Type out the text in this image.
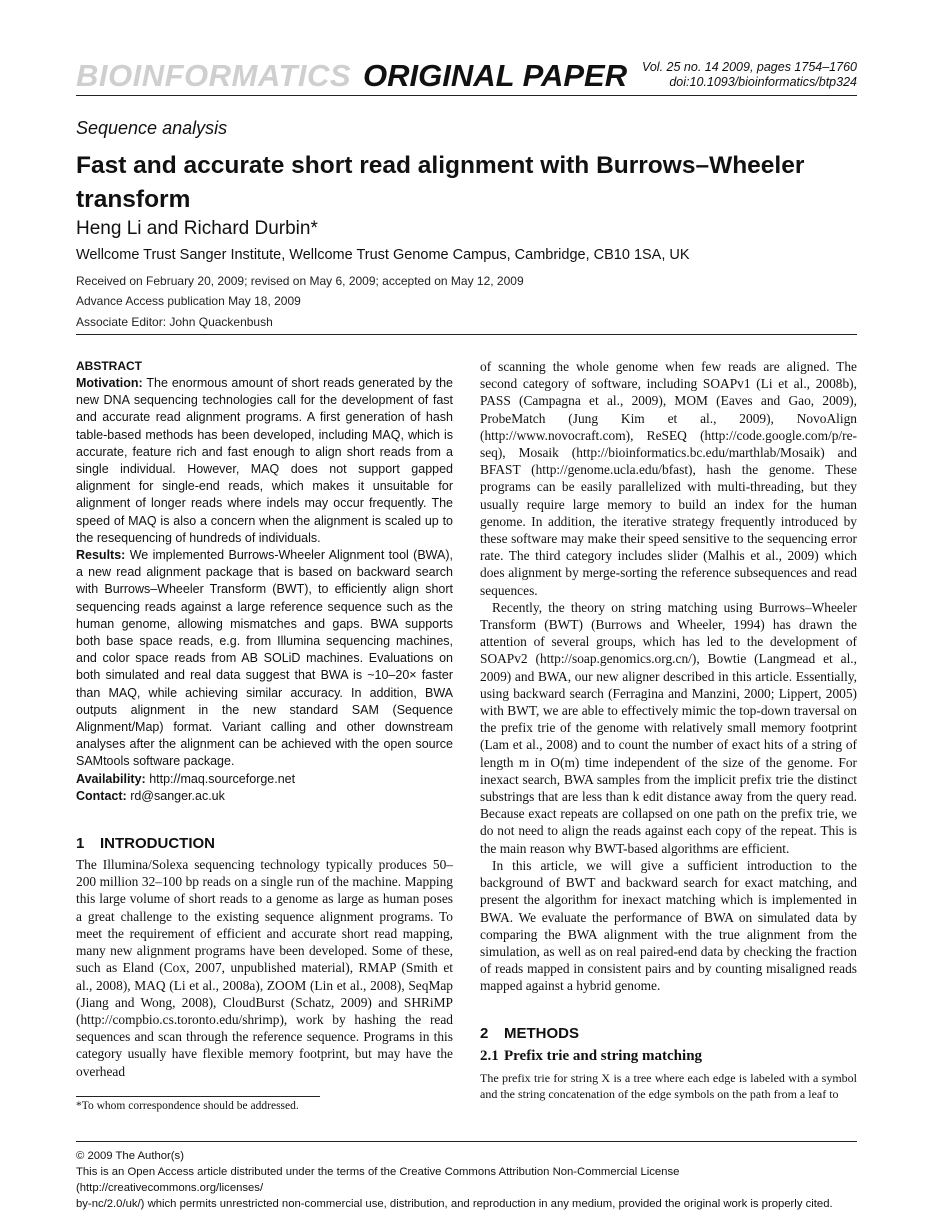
BIOINFORMATICS ORIGINAL PAPER Vol. 25 no. 14 2009, pages 1754–1760
doi:10.1093/bioinformatics/btp324
Sequence analysis
Fast and accurate short read alignment with Burrows–Wheeler transform
Heng Li and Richard Durbin*
Wellcome Trust Sanger Institute, Wellcome Trust Genome Campus, Cambridge, CB10 1SA, UK
Received on February 20, 2009; revised on May 6, 2009; accepted on May 12, 2009
Advance Access publication May 18, 2009
Associate Editor: John Quackenbush
ABSTRACT

Motivation: The enormous amount of short reads generated by the new DNA sequencing technologies call for the development of fast and accurate read alignment programs. A first generation of hash table-based methods has been developed, including MAQ, which is accurate, feature rich and fast enough to align short reads from a single individual. However, MAQ does not support gapped alignment for single-end reads, which makes it unsuitable for alignment of longer reads where indels may occur frequently. The speed of MAQ is also a concern when the alignment is scaled up to the resequencing of hundreds of individuals.

Results: We implemented Burrows-Wheeler Alignment tool (BWA), a new read alignment package that is based on backward search with Burrows–Wheeler Transform (BWT), to efficiently align short sequencing reads against a large reference sequence such as the human genome, allowing mismatches and gaps. BWA supports both base space reads, e.g. from Illumina sequencing machines, and color space reads from AB SOLiD machines. Evaluations on both simulated and real data suggest that BWA is ~10–20× faster than MAQ, while achieving similar accuracy. In addition, BWA outputs alignment in the new standard SAM (Sequence Alignment/Map) format. Variant calling and other downstream analyses after the alignment can be achieved with the open source SAMtools software package.

Availability: http://maq.sourceforge.net

Contact: rd@sanger.ac.uk

1 INTRODUCTION

The Illumina/Solexa sequencing technology typically produces 50–200 million 32–100 bp reads on a single run of the machine. Mapping this large volume of short reads to a genome as large as human poses a great challenge to the existing sequence alignment programs. To meet the requirement of efficient and accurate short read mapping, many new alignment programs have been developed. Some of these, such as Eland (Cox, 2007, unpublished material), RMAP (Smith et al., 2008), MAQ (Li et al., 2008a), ZOOM (Lin et al., 2008), SeqMap (Jiang and Wong, 2008), CloudBurst (Schatz, 2009) and SHRiMP (http://compbio.cs.toronto.edu/shrimp), work by hashing the read sequences and scan through the reference sequence. Programs in this category usually have flexible memory footprint, but may have the overhead

of scanning the whole genome when few reads are aligned. The second category of software, including SOAPv1 (Li et al., 2008b), PASS (Campagna et al., 2009), MOM (Eaves and Gao, 2009), ProbeMatch (Jung Kim et al., 2009), NovoAlign (http://www.novocraft.com), ReSEQ (http://code.google.com/p/re-seq), Mosaik (http://bioinformatics.bc.edu/marthlab/Mosaik) and BFAST (http://genome.ucla.edu/bfast), hash the genome. These programs can be easily parallelized with multi-threading, but they usually require large memory to build an index for the human genome. In addition, the iterative strategy frequently introduced by these software may make their speed sensitive to the sequencing error rate. The third category includes slider (Malhis et al., 2009) which does alignment by merge-sorting the reference subsequences and read sequences.

Recently, the theory on string matching using Burrows–Wheeler Transform (BWT) (Burrows and Wheeler, 1994) has drawn the attention of several groups, which has led to the development of SOAPv2 (http://soap.genomics.org.cn/), Bowtie (Langmead et al., 2009) and BWA, our new aligner described in this article. Essentially, using backward search (Ferragina and Manzini, 2000; Lippert, 2005) with BWT, we are able to effectively mimic the top-down traversal on the prefix trie of the genome with relatively small memory footprint (Lam et al., 2008) and to count the number of exact hits of a string of length m in O(m) time independent of the size of the genome. For inexact search, BWA samples from the implicit prefix trie the distinct substrings that are less than k edit distance away from the query read. Because exact repeats are collapsed on one path on the prefix trie, we do not need to align the reads against each copy of the repeat. This is the main reason why BWT-based algorithms are efficient.

In this article, we will give a sufficient introduction to the background of BWT and backward search for exact matching, and present the algorithm for inexact matching which is implemented in BWA. We evaluate the performance of BWA on simulated data by comparing the BWA alignment with the true alignment from the simulation, as well as on real paired-end data by checking the fraction of reads mapped in consistent pairs and by counting misaligned reads mapped against a hybrid genome.

2 METHODS
2.1 Prefix trie and string matching

The prefix trie for string X is a tree where each edge is labeled with a symbol and the string concatenation of the edge symbols on the path from a leaf to

*To whom correspondence should be addressed.
© 2009 The Author(s)
This is an Open Access article distributed under the terms of the Creative Commons Attribution Non-Commercial License (http://creativecommons.org/licenses/
by-nc/2.0/uk/) which permits unrestricted non-commercial use, distribution, and reproduction in any medium, provided the original work is properly cited.
